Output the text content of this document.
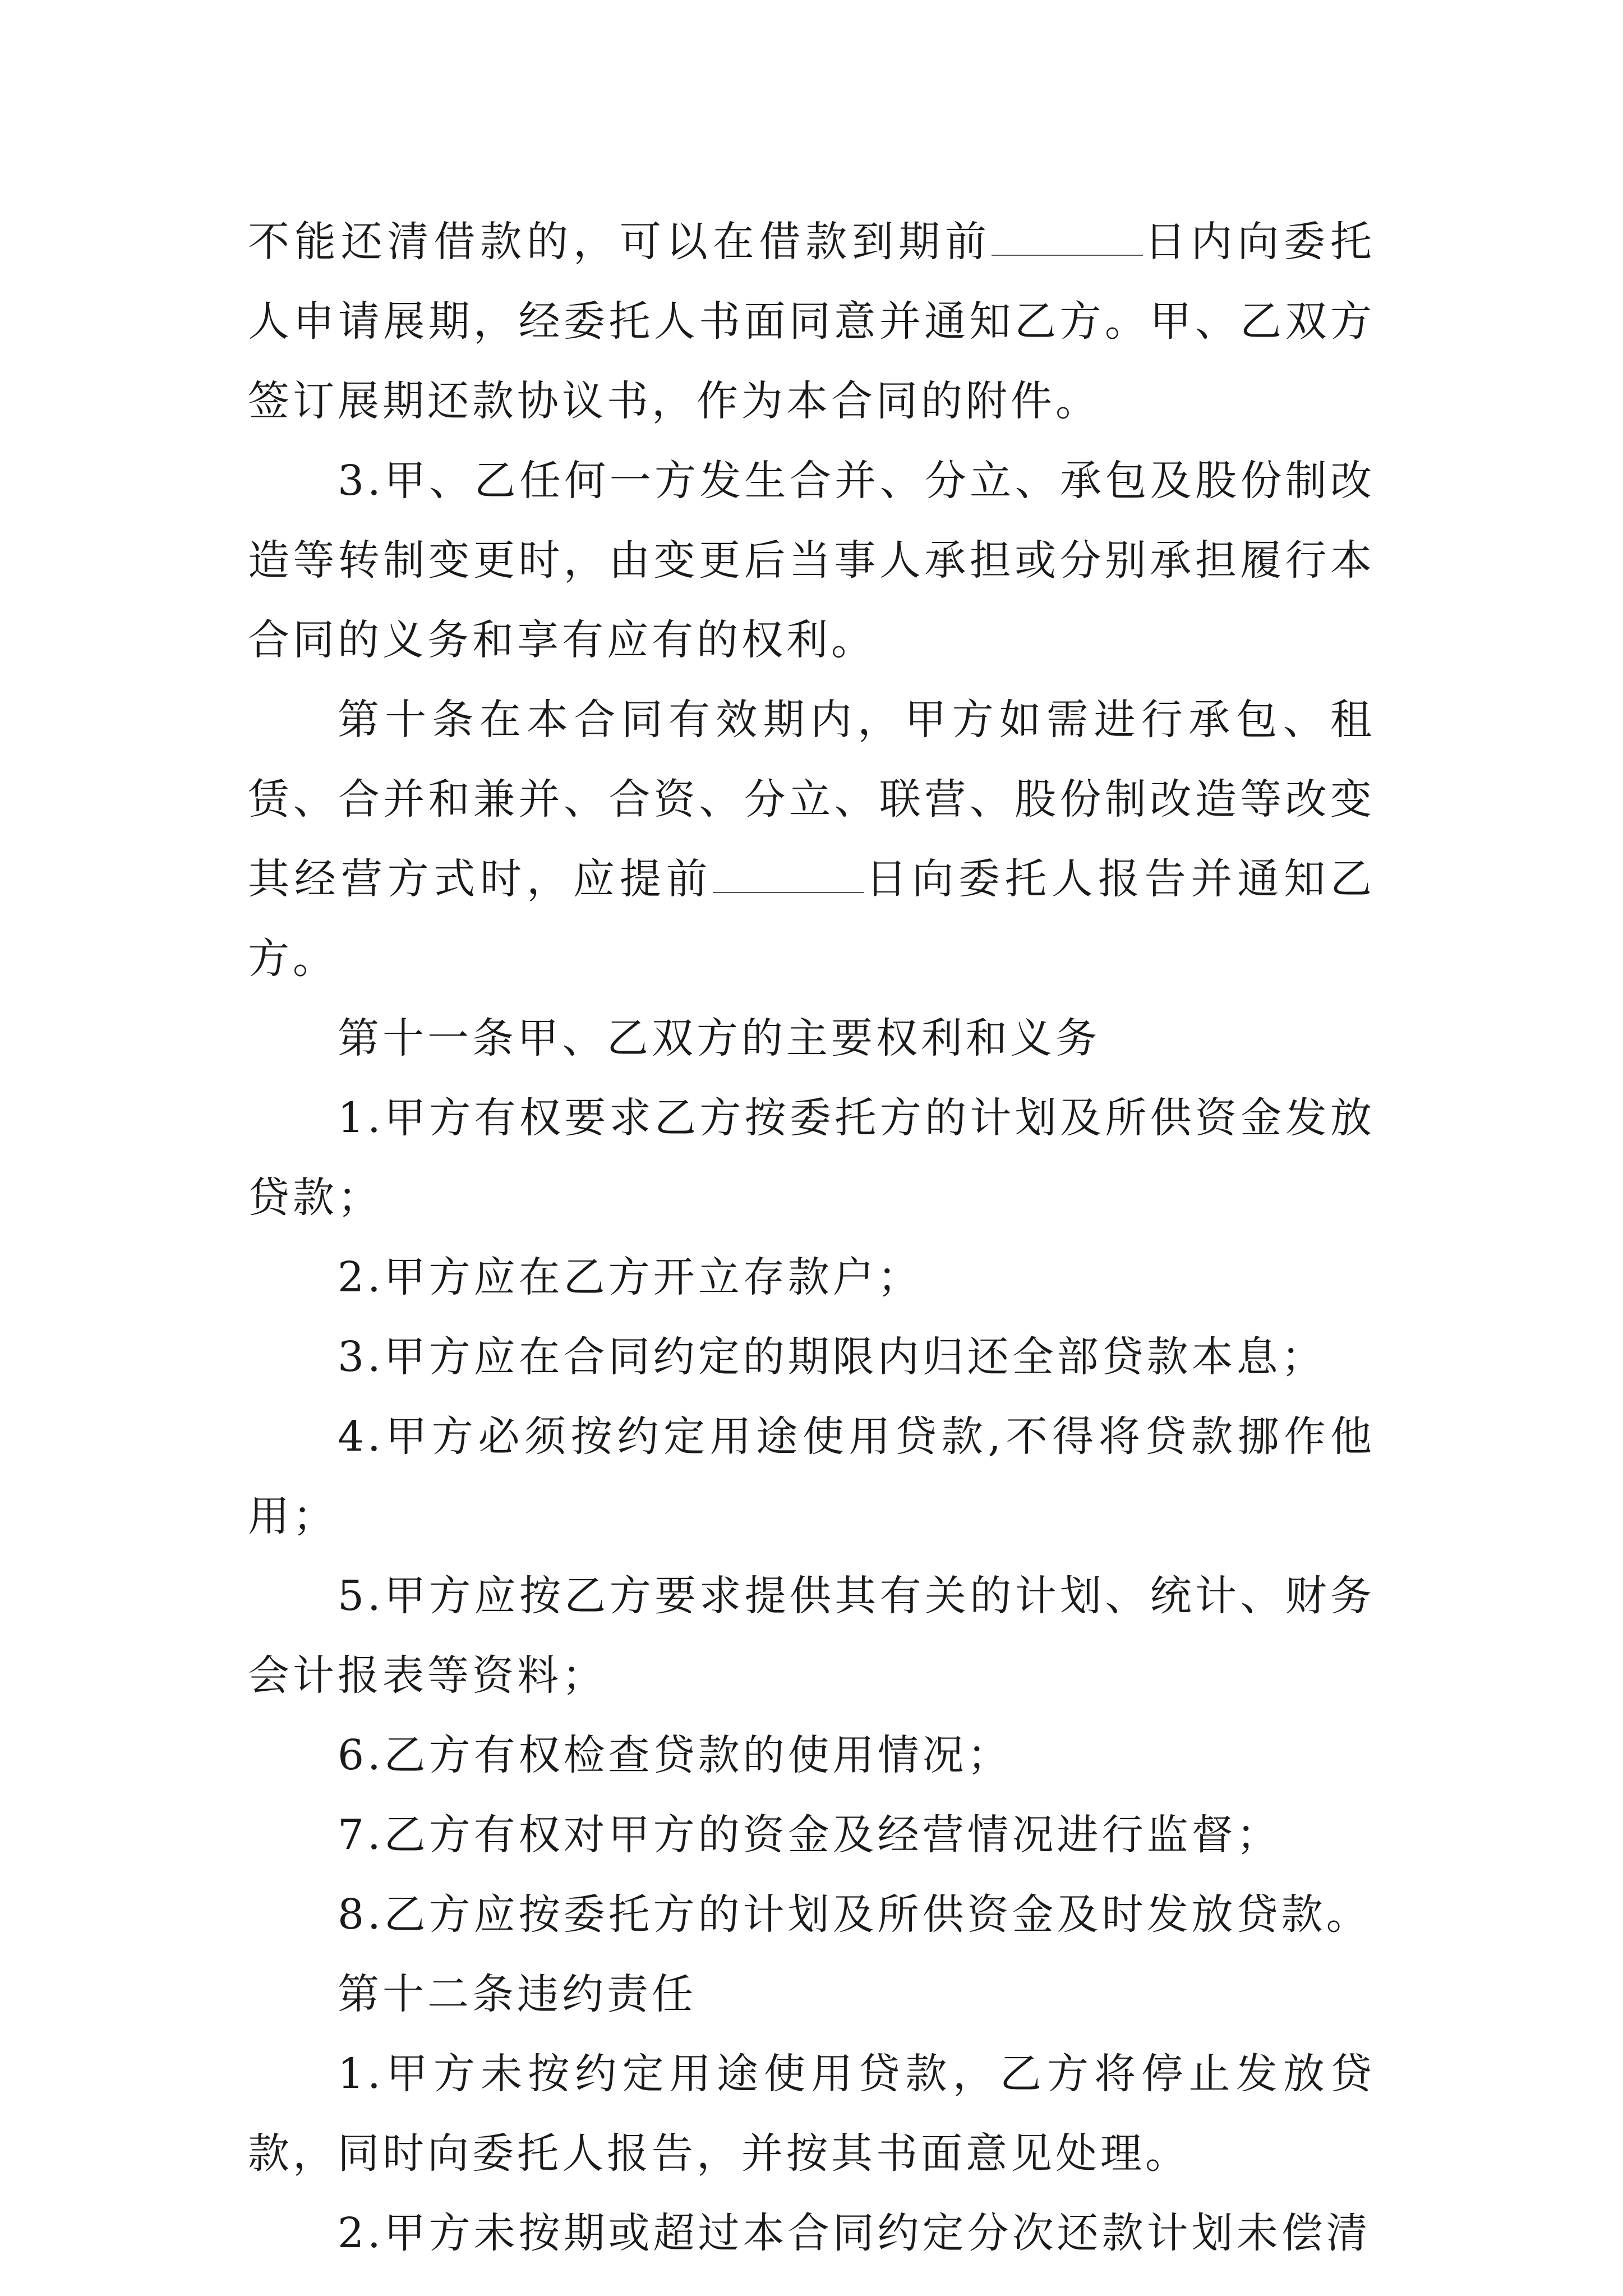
不能还清借款的，可以在借款到期前	日内向委托人申请展期，经委托人书面同意并通知乙方。甲、乙双方签订展期还款协议书，作为本合同的附件。

3.甲、乙任何一方发生合并、分立、承包及股份制改造等转制变更时，由变更后当事人承担或分别承担履行本合同的义务和享有应有的权利。

第十条在本合同有效期内，甲方如需进行承包、租赁、合并和兼并、合资、分立、联营、股份制改造等改变其经营方式时，应提前	日向委托人报告并通知乙方。

第十一条甲、乙双方的主要权利和义务

1.甲方有权要求乙方按委托方的计划及所供资金发放贷款；

2.甲方应在乙方开立存款户；

3.甲方应在合同约定的期限内归还全部贷款本息；

4.甲方必须按约定用途使用贷款,不得将贷款挪作他用；

5.甲方应按乙方要求提供其有关的计划、统计、财务会计报表等资料；

6.乙方有权检查贷款的使用情况；

7.乙方有权对甲方的资金及经营情况进行监督；

8.乙方应按委托方的计划及所供资金及时发放贷款。

第十二条违约责任

1.甲方未按约定用途使用贷款，乙方将停止发放贷款，同时向委托人报告，并按其书面意见处理。

2.甲方未按期或超过本合同约定分次还款计划未偿清
